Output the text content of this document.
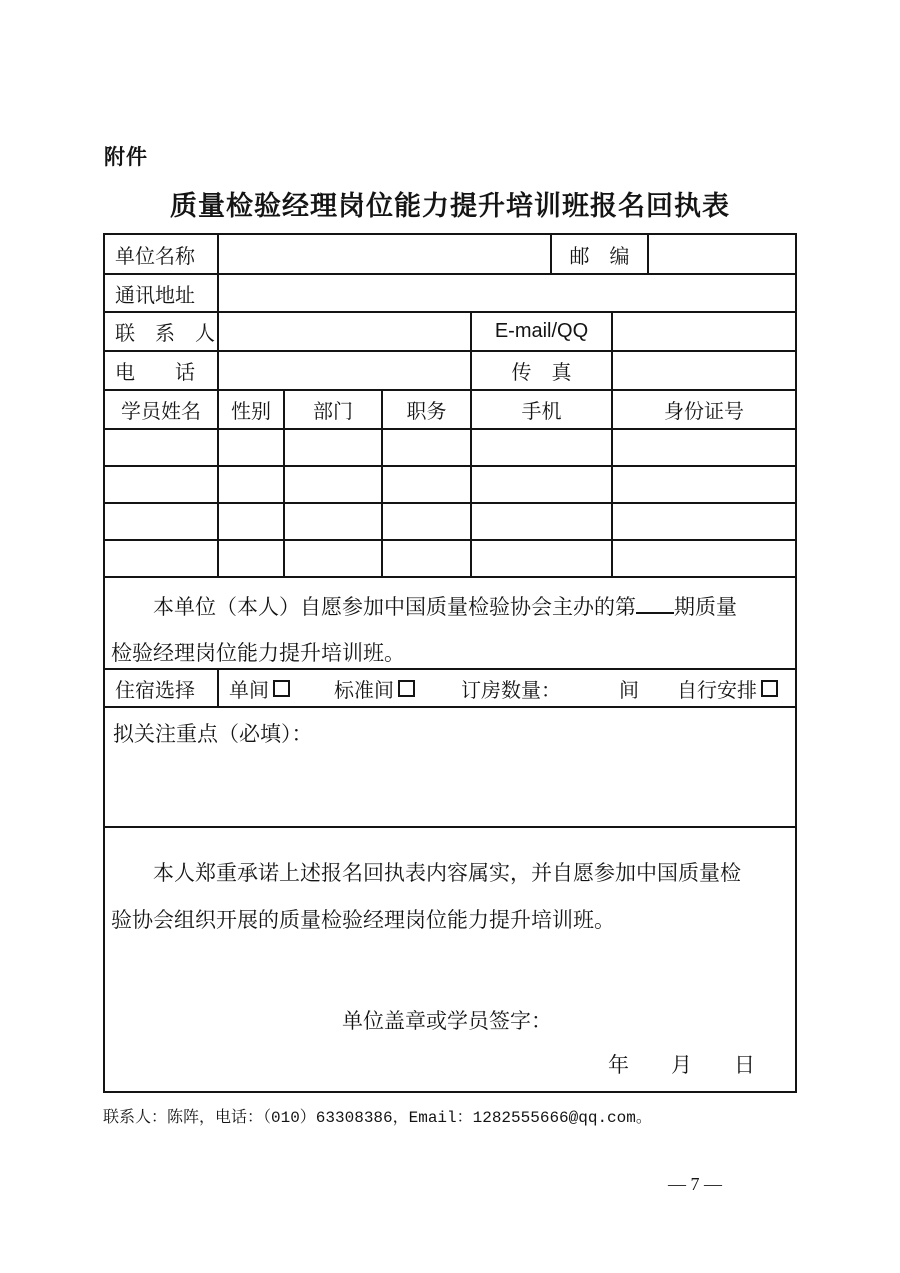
附件
质量检验经理岗位能力提升培训班报名回执表
单位名称	邮　编
通讯地址
联　系　人	E-mail/QQ
电　　话	传　真
学员姓名	性别	部门	职务	手机	身份证号
本单位（本人）自愿参加中国质量检验协会主办的第 期质量检验经理岗位能力提升培训班。
住宿选择	单间	标准间	订房数量：	间 自行安排
拟关注重点（必填）：
本人郑重承诺上述报名回执表内容属实，并自愿参加中国质量检验协会组织开展的质量检验经理岗位能力提升培训班。
单位盖章或学员签字：
年　　月　　日
联系人：陈阵，电话：（010）63308386，Email：1282555666@qq.com。
— 7 —
